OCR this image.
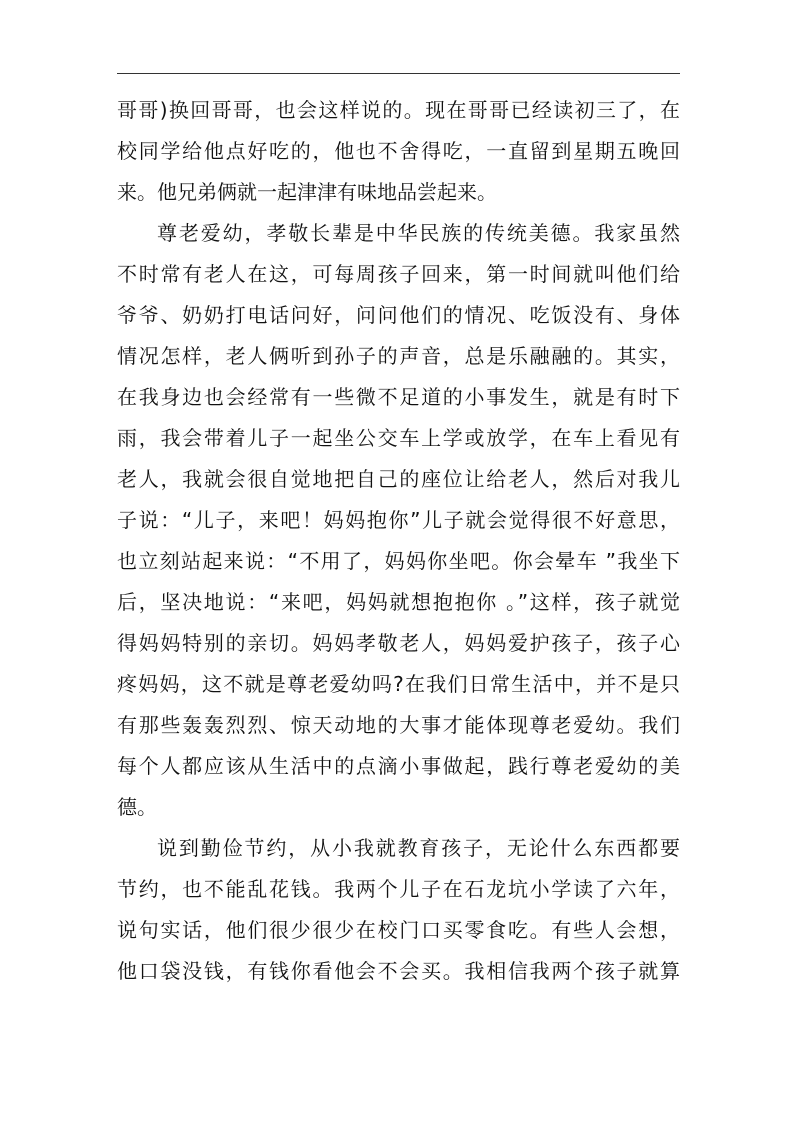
哥哥)换回哥哥，也会这样说的。现在哥哥已经读初三了，在
校同学给他点好吃的，他也不舍得吃，一直留到星期五晚回
来。他兄弟俩就一起津津有味地品尝起来。
尊老爱幼，孝敬长辈是中华民族的传统美德。我家虽然
不时常有老人在这，可每周孩子回来，第一时间就叫他们给
爷爷、奶奶打电话问好，问问他们的情况、吃饭没有、身体
情况怎样，老人俩听到孙子的声音，总是乐融融的。其实，
在我身边也会经常有一些微不足道的小事发生，就是有时下
雨，我会带着儿子一起坐公交车上学或放学，在车上看见有
老人，我就会很自觉地把自己的座位让给老人，然后对我儿
子说：“儿子，来吧！妈妈抱你”儿子就会觉得很不好意思，
也立刻站起来说：“不用了，妈妈你坐吧。你会晕车 ”我坐下
后，坚决地说：“来吧，妈妈就想抱抱你 。”这样，孩子就觉
得妈妈特别的亲切。妈妈孝敬老人，妈妈爱护孩子，孩子心
疼妈妈，这不就是尊老爱幼吗?在我们日常生活中，并不是只
有那些轰轰烈烈、惊天动地的大事才能体现尊老爱幼。我们
每个人都应该从生活中的点滴小事做起，践行尊老爱幼的美
德。
说到勤俭节约，从小我就教育孩子，无论什么东西都要
节约，也不能乱花钱。我两个儿子在石龙坑小学读了六年，
说句实话，他们很少很少在校门口买零食吃。有些人会想，
他口袋没钱，有钱你看他会不会买。我相信我两个孩子就算
